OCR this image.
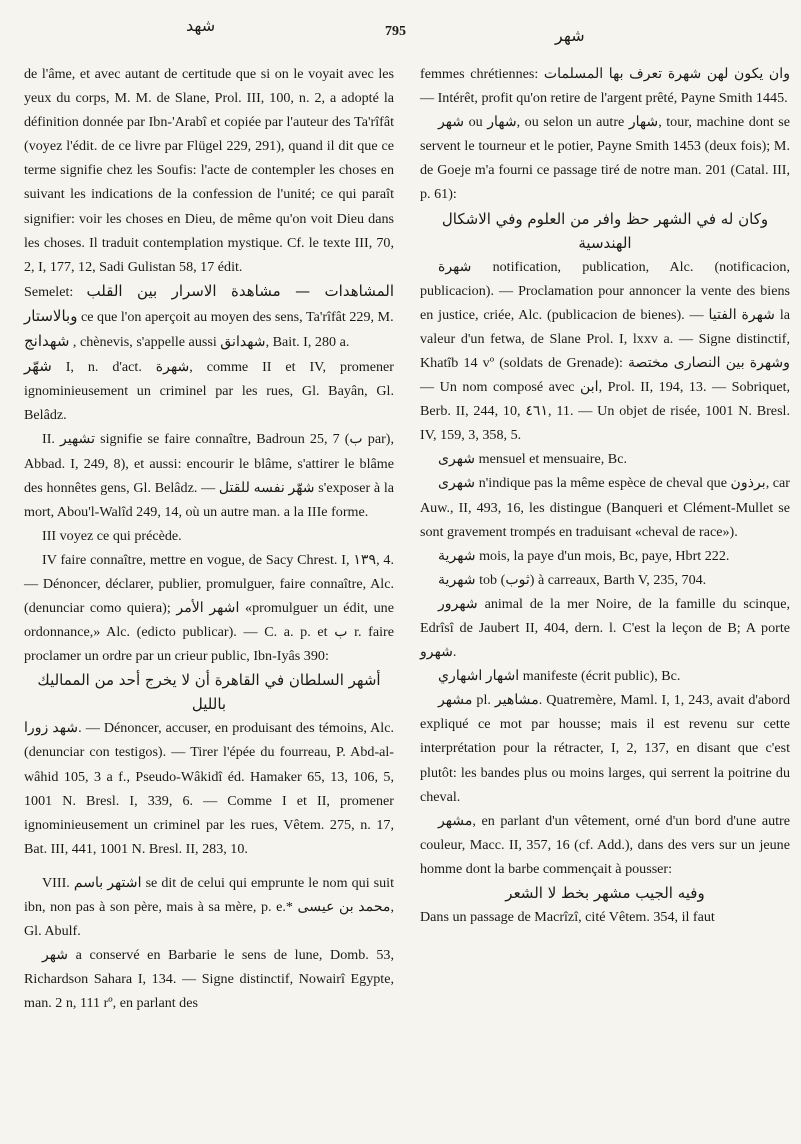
شهد	795	شهر

de l'âme, et avec autant de certitude que si on le voyait avec les yeux du corps, M. M. de Slane, Prol. III, 100, n. 2, a adopté la définition donnée par Ibn-'Arabî et copiée par l'auteur des Ta'rîfât (voyez l'édit. de ce livre par Flügel 229, 291), quand il dit que ce terme signifie chez les Soufis: l'acte de contempler les choses en suivant les indications de la confession de l'unité; ce qui paraît signifier: voir les choses en Dieu, de même qu'on voit Dieu dans les choses. Il traduit contemplation mystique. Cf. le texte III, 70, 2, I, 177, 12, Sadi Gulistan 58, 17 édit.

Semelet: المشاهدات — مشاهدة الاسرار بين القلب وبالاستار ce que l'on aperçoit au moyen des sens, Ta'rîfât 229, M.

شهدانج , chènevis, s'appelle aussi شهدانق, Bait. I, 280 a.

شهّر I, n. d'act. شهرة, comme II et IV, promener ignominieusement un criminel par les rues, Gl. Bayân, Gl. Belâdz.

II. تشهير signifie se faire connaître, Badroun 25, 7 (ب par), Abbad. I, 249, 8), et aussi: encourir le blâme, s'attirer le blâme des honnêtes gens, Gl. Belâdz. — شهّر نفسه للقتل s'exposer à la mort, Abou'l-Walîd 249, 14, où un autre man. a la IIIe forme.

III voyez ce qui précède.

IV faire connaître, mettre en vogue, de Sacy Chrest. I, ١٣٩, 4. — Dénoncer, déclarer, publier, promulguer, faire connaître, Alc. (denunciar como quiera); اشهر الأمر «promulguer un édit, une ordonnance,» Alc. (edicto publicar). — C. a. p. et ب r. faire proclamer un ordre par un crieur public, Ibn-Iyâs 390:

أشهر السلطان في القاهرة أن لا يخرج أحد من المماليك بالليل

شهد زورا. — Dénoncer, accuser, en produisant des témoins, Alc. (denunciar con testigos). — Tirer l'épée du fourreau, P. Abd-al-wâhid 105, 3 a f., Pseudo-Wâkidî éd. Hamaker 65, 13, 106, 5, 1001 N. Bresl. I, 339, 6. — Comme I et II, promener ignominieusement un criminel par les rues, Vêtem. 275, n. 17, Bat. III, 441, 1001 N. Bresl. II, 283, 10.

VIII. اشتهر باسم se dit de celui qui emprunte le nom qui suit ibn, non pas à son père, mais à sa mère, p. e.* محمد بن عيسى, Gl. Abulf.

شهر a conservé en Barbarie le sens de lune, Domb. 53, Richardson Sahara I, 134. — Signe distinctif, Nowairî Egypte, man. 2 n, 111 rº, en parlant des

femmes chrétiennes: وان يكون لهن شهرة تعرف بها المسلمات — Intérêt, profit qu'on retire de l'argent prêté, Payne Smith 1445.

شهر ou شهار, ou selon un autre شهار, tour, machine dont se servent le tourneur et le potier, Payne Smith 1453 (deux fois); M. de Goeje m'a fourni ce passage tiré de notre man. 201 (Catal. III, p. 61):

وكان له في الشهر حظ وافر من العلوم وفي الاشكال الهندسية

شهرة notification, publication, Alc. (notificacion, publicacion). — Proclamation pour annoncer la vente des biens en justice, criée, Alc. (publicacion de bienes). — شهرة الفتيا la valeur d'un fetwa, de Slane Prol. I, lxxv a. — Signe distinctif, Khatîb 14 vº (soldats de Grenade): وشهرة بين النصارى مختصة — Un nom composé avec ابن, Prol. II, 194, 13. — Sobriquet, Berb. II, 244, 10, ٤٦١, 11. — Un objet de risée, 1001 N. Bresl. IV, 159, 3, 358, 5.

شهرى mensuel et mensuaire, Bc.

شهرى n'indique pas la même espèce de cheval que برذون, car Auw., II, 493, 16, les distingue (Banqueri et Clément-Mullet se sont gravement trompés en traduisant «cheval de race»).

شهرية mois, la paye d'un mois, Bc, paye, Hbrt 222.

شهرية tob (ثوب) à carreaux, Barth V, 235, 704.

شهرور animal de la mer Noire, de la famille du scinque, Edrîsî de Jaubert II, 404, dern. l. C'est la leçon de B; A porte شهرو.

اشهار اشهاري manifeste (écrit public), Bc.

مشهر pl. مشاهير. Quatremère, Maml. I, 1, 243, avait d'abord expliqué ce mot par housse; mais il est revenu sur cette interprétation pour la rétracter, I, 2, 137, en disant que c'est plutôt: les bandes plus ou moins larges, qui serrent la poitrine du cheval.

مشهر, en parlant d'un vêtement, orné d'un bord d'une autre couleur, Macc. II, 357, 16 (cf. Add.), dans des vers sur un jeune homme dont la barbe commençait à pousser:

وفيه الجيب مشهر بخط لا الشعر

Dans un passage de Macrîzî, cité Vêtem. 354, il faut
